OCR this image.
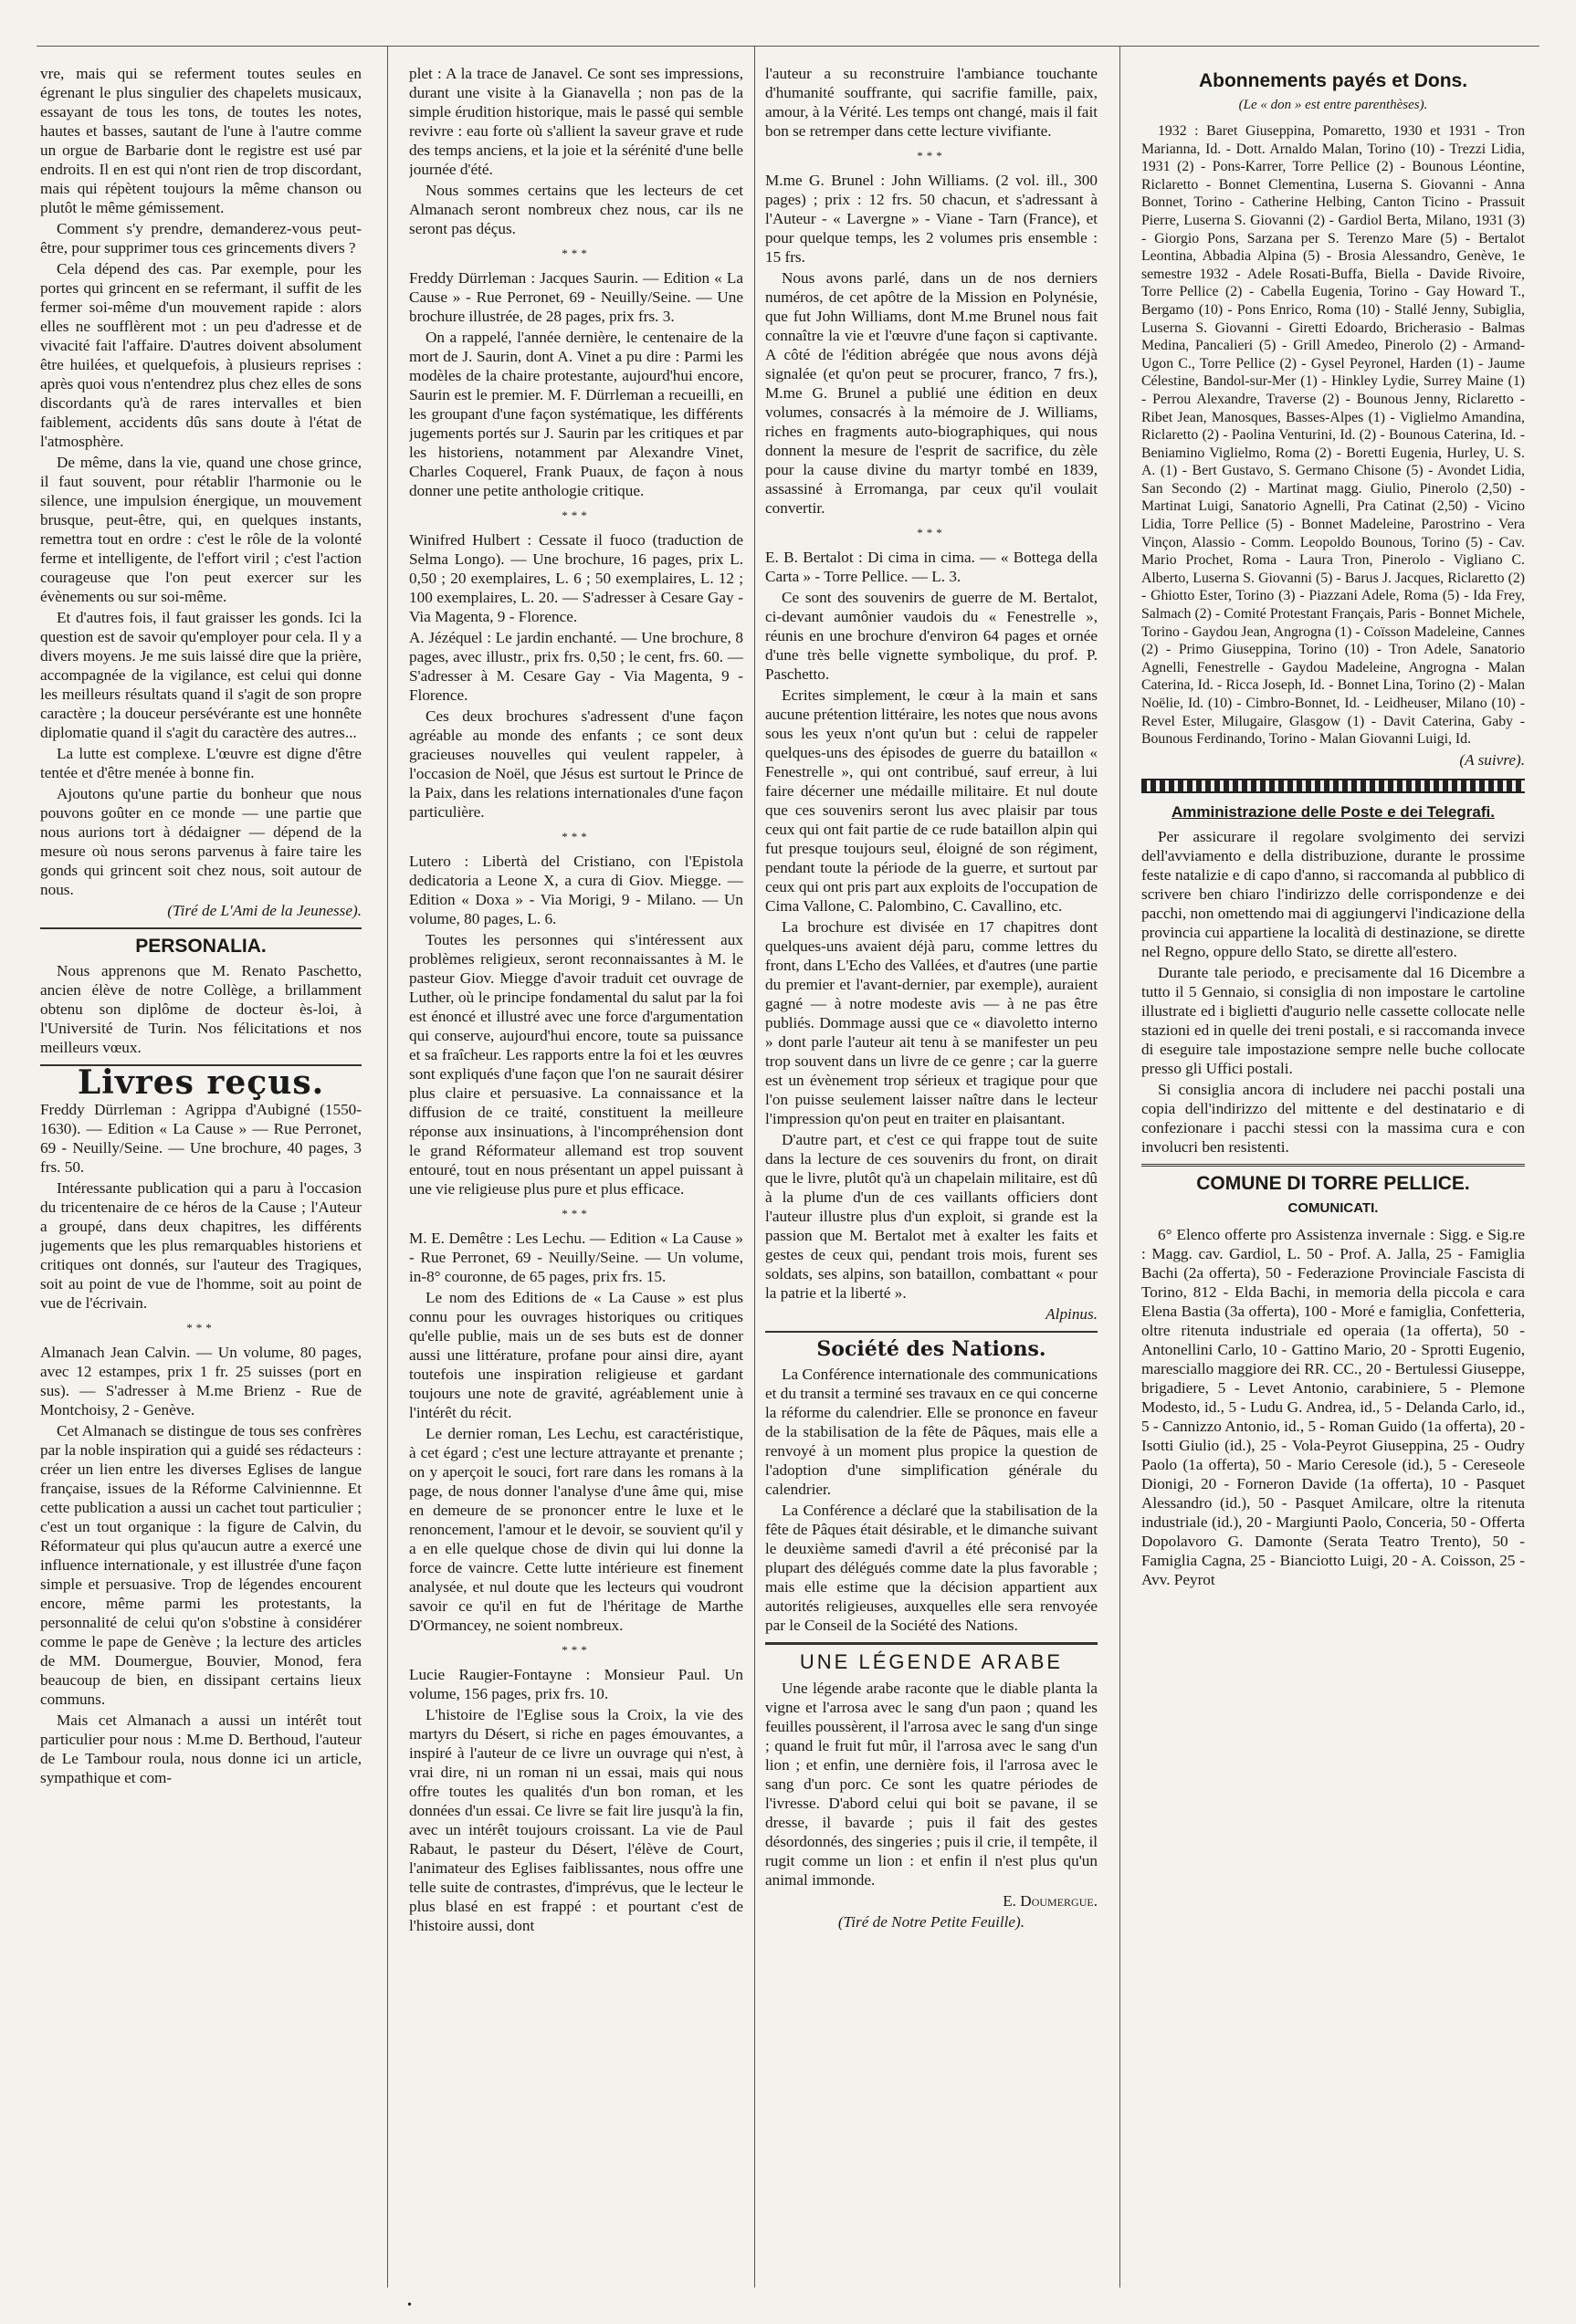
vre, mais qui se referment toutes seules en égrenant le plus singulier des chapelets musicaux, essayant de tous les tons, de toutes les notes, hautes et basses, sautant de l'une à l'autre comme un orgue de Barbarie dont le registre est usé par endroits. Il en est qui n'ont rien de trop discordant, mais qui répètent toujours la même chanson ou plutôt le même gémissement.

Comment s'y prendre, demanderez-vous peut-être, pour supprimer tous ces grincements divers ?

Cela dépend des cas. Par exemple, pour les portes qui grincent en se refermant, il suffit de les fermer soi-même d'un mouvement rapide : alors elles ne soufflèrent mot : un peu d'adresse et de vivacité fait l'affaire. D'autres doivent absolument être huilées, et quelquefois, à plusieurs reprises : après quoi vous n'entendrez plus chez elles de sons discordants qu'à de rares intervalles et bien faiblement, accidents dûs sans doute à l'état de l'atmosphère.

De même, dans la vie, quand une chose grince, il faut souvent, pour rétablir l'harmonie ou le silence, une impulsion énergique, un mouvement brusque, peut-être, qui, en quelques instants, remettra tout en ordre : c'est le rôle de la volonté ferme et intelligente, de l'effort viril ; c'est l'action courageuse que l'on peut exercer sur les évènements ou sur soi-même.

Et d'autres fois, il faut graisser les gonds. Ici la question est de savoir qu'employer pour cela. Il y a divers moyens. Je me suis laissé dire que la prière, accompagnée de la vigilance, est celui qui donne les meilleurs résultats quand il s'agit de son propre caractère ; la douceur persévérante est une honnête diplomatie quand il s'agit du caractère des autres...

La lutte est complexe. L'œuvre est digne d'être tentée et d'être menée à bonne fin.

Ajoutons qu'une partie du bonheur que nous pouvons goûter en ce monde — une partie que nous aurions tort à dédaigner — dépend de la mesure où nous serons parvenus à faire taire les gonds qui grincent soit chez nous, soit autour de nous.

(Tiré de L'Ami de la Jeunesse).

PERSONALIA.

Nous apprenons que M. Renato Paschetto, ancien élève de notre Collège, a brillamment obtenu son diplôme de docteur ès-loi, à l'Université de Turin. Nos félicitations et nos meilleurs vœux.

Livres reçus.

Freddy Dürrleman : Agrippa d'Aubigné (1550-1630). — Edition « La Cause » — Rue Perronet, 69 - Neuilly/Seine. — Une brochure, 40 pages, 3 frs. 50.

Intéressante publication qui a paru à l'occasion du tricentenaire de ce héros de la Cause ; l'Auteur a groupé, dans deux chapitres, les différents jugements que les plus remarquables historiens et critiques ont donnés, sur l'auteur des Tragiques, soit au point de vue de l'homme, soit au point de vue de l'écrivain.

***

Almanach Jean Calvin. — Un volume, 80 pages, avec 12 estampes, prix 1 fr. 25 suisses (port en sus). — S'adresser à M.me Brienz - Rue de Montchoisy, 2 - Genève.

Cet Almanach se distingue de tous ses confrères par la noble inspiration qui a guidé ses rédacteurs : créer un lien entre les diverses Eglises de langue française, issues de la Réforme Calviniennne. Et cette publication a aussi un cachet tout particulier ; c'est un tout organique : la figure de Calvin, du Réformateur qui plus qu'aucun autre a exercé une influence internationale, y est illustrée d'une façon simple et persuasive. Trop de légendes encourent encore, même parmi les protestants, la personnalité de celui qu'on s'obstine à considérer comme le pape de Genève ; la lecture des articles de MM. Doumergue, Bouvier, Monod, fera beaucoup de bien, en dissipant certains lieux communs.

Mais cet Almanach a aussi un intérêt tout particulier pour nous : M.me D. Berthoud, l'auteur de Le Tambour roula, nous donne ici un article, sympathique et com-

plet : A la trace de Janavel. Ce sont ses impressions, durant une visite à la Gianavella ; non pas de la simple érudition historique, mais le passé qui semble revivre : eau forte où s'allient la saveur grave et rude des temps anciens, et la joie et la sérénité d'une belle journée d'été.

Nous sommes certains que les lecteurs de cet Almanach seront nombreux chez nous, car ils ne seront pas déçus.

***

Freddy Dürrleman : Jacques Saurin. — Edition « La Cause » - Rue Perronet, 69 - Neuilly/Seine. — Une brochure illustrée, de 28 pages, prix frs. 3.

On a rappelé, l'année dernière, le centenaire de la mort de J. Saurin, dont A. Vinet a pu dire : Parmi les modèles de la chaire protestante, aujourd'hui encore, Saurin est le premier. M. F. Dürrleman a recueilli, en les groupant d'une façon systématique, les différents jugements portés sur J. Saurin par les critiques et par les historiens, notamment par Alexandre Vinet, Charles Coquerel, Frank Puaux, de façon à nous donner une petite anthologie critique.

***

Winifred Hulbert : Cessate il fuoco (traduction de Selma Longo). — Une brochure, 16 pages, prix L. 0,50 ; 20 exemplaires, L. 6 ; 50 exemplaires, L. 12 ; 100 exemplaires, L. 20. — S'adresser à Cesare Gay - Via Magenta, 9 - Florence.

A. Jézéquel : Le jardin enchanté. — Une brochure, 8 pages, avec illustr., prix frs. 0,50 ; le cent, frs. 60. — S'adresser à M. Cesare Gay - Via Magenta, 9 - Florence.

Ces deux brochures s'adressent d'une façon agréable au monde des enfants ; ce sont deux gracieuses nouvelles qui veulent rappeler, à l'occasion de Noël, que Jésus est surtout le Prince de la Paix, dans les relations internationales d'une façon particulière.

***

Lutero : Libertà del Cristiano, con l'Epistola dedicatoria a Leone X, a cura di Giov. Miegge. — Edition « Doxa » - Via Morigi, 9 - Milano. — Un volume, 80 pages, L. 6.

Toutes les personnes qui s'intéressent aux problèmes religieux, seront reconnaissantes à M. le pasteur Giov. Miegge d'avoir traduit cet ouvrage de Luther, où le principe fondamental du salut par la foi est énoncé et illustré avec une force d'argumentation qui conserve, aujourd'hui encore, toute sa puissance et sa fraîcheur. Les rapports entre la foi et les œuvres sont expliqués d'une façon que l'on ne saurait désirer plus claire et persuasive. La connaissance et la diffusion de ce traité, constituent la meilleure réponse aux insinuations, à l'incompréhension dont le grand Réformateur allemand est trop souvent entouré, tout en nous présentant un appel puissant à une vie religieuse plus pure et plus efficace.

***

M. E. Demêtre : Les Lechu. — Edition « La Cause » - Rue Perronet, 69 - Neuilly/Seine. — Un volume, in-8° couronne, de 65 pages, prix frs. 15.

Le nom des Editions de « La Cause » est plus connu pour les ouvrages historiques ou critiques qu'elle publie, mais un de ses buts est de donner aussi une littérature, profane pour ainsi dire, ayant toutefois une inspiration religieuse et gardant toujours une note de gravité, agréablement unie à l'intérêt du récit.

Le dernier roman, Les Lechu, est caractéristique, à cet égard ; c'est une lecture attrayante et prenante ; on y aperçoit le souci, fort rare dans les romans à la page, de nous donner l'analyse d'une âme qui, mise en demeure de se prononcer entre le luxe et le renoncement, l'amour et le devoir, se souvient qu'il y a en elle quelque chose de divin qui lui donne la force de vaincre. Cette lutte intérieure est finement analysée, et nul doute que les lecteurs qui voudront savoir ce qu'il en fut de l'héritage de Marthe D'Ormancey, ne soient nombreux.

***

Lucie Raugier-Fontayne : Monsieur Paul. Un volume, 156 pages, prix frs. 10.

L'histoire de l'Eglise sous la Croix, la vie des martyrs du Désert, si riche en pages émouvantes, a inspiré à l'auteur de ce livre un ouvrage qui n'est, à vrai dire, ni un roman ni un essai, mais qui nous offre toutes les qualités d'un bon roman, et les données d'un essai. Ce livre se fait lire jusqu'à la fin, avec un intérêt toujours croissant. La vie de Paul Rabaut, le pasteur du Désert, l'élève de Court, l'animateur des Eglises faiblissantes, nous offre une telle suite de contrastes, d'imprévus, que le lecteur le plus blasé en est frappé : et pourtant c'est de l'histoire aussi, dont

l'auteur a su reconstruire l'ambiance touchante d'humanité souffrante, qui sacrifie famille, paix, amour, à la Vérité. Les temps ont changé, mais il fait bon se retremper dans cette lecture vivifiante.

***

M.me G. Brunel : John Williams. (2 vol. ill., 300 pages) ; prix : 12 frs. 50 chacun, et s'adressant à l'Auteur - « Lavergne » - Viane - Tarn (France), et pour quelque temps, les 2 volumes pris ensemble : 15 frs.

Nous avons parlé, dans un de nos derniers numéros, de cet apôtre de la Mission en Polynésie, que fut John Williams, dont M.me Brunel nous fait connaître la vie et l'œuvre d'une façon si captivante. A côté de l'édition abrégée que nous avons déjà signalée (et qu'on peut se procurer, franco, 7 frs.), M.me G. Brunel a publié une édition en deux volumes, consacrés à la mémoire de J. Williams, riches en fragments auto-biographiques, qui nous donnent la mesure de l'esprit de sacrifice, du zèle pour la cause divine du martyr tombé en 1839, assassiné à Erromanga, par ceux qu'il voulait convertir.

***

E. B. Bertalot : Di cima in cima. — « Bottega della Carta » - Torre Pellice. — L. 3.

Ce sont des souvenirs de guerre de M. Bertalot, ci-devant aumônier vaudois du « Fenestrelle », réunis en une brochure d'environ 64 pages et ornée d'une très belle vignette symbolique, du prof. P. Paschetto.

Ecrites simplement, le cœur à la main et sans aucune prétention littéraire, les notes que nous avons sous les yeux n'ont qu'un but : celui de rappeler quelques-uns des épisodes de guerre du bataillon « Fenestrelle », qui ont contribué, sauf erreur, à lui faire décerner une médaille militaire. Et nul doute que ces souvenirs seront lus avec plaisir par tous ceux qui ont fait partie de ce rude bataillon alpin qui fut presque toujours seul, éloigné de son régiment, pendant toute la période de la guerre, et surtout par ceux qui ont pris part aux exploits de l'occupation de Cima Vallone, C. Palombino, C. Cavallino, etc.

La brochure est divisée en 17 chapitres dont quelques-uns avaient déjà paru, comme lettres du front, dans L'Echo des Vallées, et d'autres (une partie du premier et l'avant-dernier, par exemple), auraient gagné — à notre modeste avis — à ne pas être publiés. Dommage aussi que ce « diavoletto interno » dont parle l'auteur ait tenu à se manifester un peu trop souvent dans un livre de ce genre ; car la guerre est un évènement trop sérieux et tragique pour que l'on puisse seulement laisser naître dans le lecteur l'impression qu'on peut en traiter en plaisantant.

D'autre part, et c'est ce qui frappe tout de suite dans la lecture de ces souvenirs du front, on dirait que le livre, plutôt qu'à un chapelain militaire, est dû à la plume d'un de ces vaillants officiers dont l'auteur illustre plus d'un exploit, si grande est la passion que M. Bertalot met à exalter les faits et gestes de ceux qui, pendant trois mois, furent ses soldats, ses alpins, son bataillon, combattant « pour la patrie et la liberté ».

Alpinus.

Société des Nations.

La Conférence internationale des communications et du transit a terminé ses travaux en ce qui concerne la réforme du calendrier. Elle se prononce en faveur de la stabilisation de la fête de Pâques, mais elle a renvoyé à un moment plus propice la question de l'adoption d'une simplification générale du calendrier.

La Conférence a déclaré que la stabilisation de la fête de Pâques était désirable, et le dimanche suivant le deuxième samedi d'avril a été préconisé par la plupart des délégués comme date la plus favorable ; mais elle estime que la décision appartient aux autorités religieuses, auxquelles elle sera renvoyée par le Conseil de la Société des Nations.

UNE LÉGENDE ARABE

Une légende arabe raconte que le diable planta la vigne et l'arrosa avec le sang d'un paon ; quand les feuilles poussèrent, il l'arrosa avec le sang d'un singe ; quand le fruit fut mûr, il l'arrosa avec le sang d'un lion ; et enfin, une dernière fois, il l'arrosa avec le sang d'un porc. Ce sont les quatre périodes de l'ivresse. D'abord celui qui boit se pavane, il se dresse, il bavarde ; puis il fait des gestes désordonnés, des singeries ; puis il crie, il tempête, il rugit comme un lion : et enfin il n'est plus qu'un animal immonde.

E. Doumergue.

(Tiré de Notre Petite Feuille).

Abonnements payés et Dons.
(Le « don » est entre parenthèses).

1932 : Baret Giuseppina, Pomaretto, 1930 et 1931 - Tron Marianna, Id. - Dott. Arnaldo Malan, Torino (10) - Trezzi Lidia, 1931 (2) - Pons-Karrer, Torre Pellice (2) - Bounous Léontine, Riclaretto - Bonnet Clementina, Luserna S. Giovanni - Anna Bonnet, Torino - Catherine Helbing, Canton Ticino - Prassuit Pierre, Luserna S. Giovanni (2) - Gardiol Berta, Milano, 1931 (3) - Giorgio Pons, Sarzana per S. Terenzo Mare (5) - Bertalot Leontina, Abbadia Alpina (5) - Brosia Alessandro, Genève, 1e semestre 1932 - Adele Rosati-Buffa, Biella - Davide Rivoire, Torre Pellice (2) - Cabella Eugenia, Torino - Gay Howard T., Bergamo (10) - Pons Enrico, Roma (10) - Stallé Jenny, Subiglia, Luserna S. Giovanni - Giretti Edoardo, Bricherasio - Balmas Medina, Pancalieri (5) - Grill Amedeo, Pinerolo (2) - Armand-Ugon C., Torre Pellice (2) - Gysel Peyronel, Harden (1) - Jaume Célestine, Bandol-sur-Mer (1) - Hinkley Lydie, Surrey Maine (1) - Perrou Alexandre, Traverse (2) - Bounous Jenny, Riclaretto - Ribet Jean, Manosques, Basses-Alpes (1) - Viglielmo Amandina, Riclaretto (2) - Paolina Venturini, Id. (2) - Bounous Caterina, Id. - Beniamino Viglielmo, Roma (2) - Boretti Eugenia, Hurley, U. S. A. (1) - Bert Gustavo, S. Germano Chisone (5) - Avondet Lidia, San Secondo (2) - Martinat magg. Giulio, Pinerolo (2,50) - Martinat Luigi, Sanatorio Agnelli, Pra Catinat (2,50) - Vicino Lidia, Torre Pellice (5) - Bonnet Madeleine, Parostrino - Vera Vinçon, Alassio - Comm. Leopoldo Bounous, Torino (5) - Cav. Mario Prochet, Roma - Laura Tron, Pinerolo - Vigliano C. Alberto, Luserna S. Giovanni (5) - Barus J. Jacques, Riclaretto (2) - Ghiotto Ester, Torino (3) - Piazzani Adele, Roma (5) - Ida Frey, Salmach (2) - Comité Protestant Français, Paris - Bonnet Michele, Torino - Gaydou Jean, Angrogna (1) - Coïsson Madeleine, Cannes (2) - Primo Giuseppina, Torino (10) - Tron Adele, Sanatorio Agnelli, Fenestrelle - Gaydou Madeleine, Angrogna - Malan Caterina, Id. - Ricca Joseph, Id. - Bonnet Lina, Torino (2) - Malan Noëlie, Id. (10) - Cimbro-Bonnet, Id. - Leidheuser, Milano (10) - Revel Ester, Milugaire, Glasgow (1) - Davit Caterina, Gaby - Bounous Ferdinando, Torino - Malan Giovanni Luigi, Id.

(A suivre).

Amministrazione delle Poste e dei Telegrafi.

Per assicurare il regolare svolgimento dei servizi dell'avviamento e della distribuzione, durante le prossime feste natalizie e di capo d'anno, si raccomanda al pubblico di scrivere ben chiaro l'indirizzo delle corrispondenze e dei pacchi, non omettendo mai di aggiungervi l'indicazione della provincia cui appartiene la località di destinazione, se dirette nel Regno, oppure dello Stato, se dirette all'estero.

Durante tale periodo, e precisamente dal 16 Dicembre a tutto il 5 Gennaio, si consiglia di non impostare le cartoline illustrate ed i biglietti d'augurio nelle cassette collocate nelle stazioni ed in quelle dei treni postali, e si raccomanda invece di eseguire tale impostazione sempre nelle buche collocate presso gli Uffici postali.

Si consiglia ancora di includere nei pacchi postali una copia dell'indirizzo del mittente e del destinatario e di confezionare i pacchi stessi con la massima cura e con involucri ben resistenti.

COMUNE DI TORRE PELLICE.
COMUNICATI.

6° Elenco offerte pro Assistenza invernale : Sigg. e Sig.re : Magg. cav. Gardiol, L. 50 - Prof. A. Jalla, 25 - Famiglia Bachi (2a offerta), 50 - Federazione Provinciale Fascista di Torino, 812 - Elda Bachi, in memoria della piccola e cara Elena Bastia (3a offerta), 100 - Moré e famiglia, Confetteria, oltre ritenuta industriale ed operaia (1a offerta), 50 - Antonellini Carlo, 10 - Gattino Mario, 20 - Sprotti Eugenio, maresciallo maggiore dei RR. CC., 20 - Bertulessi Giuseppe, brigadiere, 5 - Levet Antonio, carabiniere, 5 - Plemone Modesto, id., 5 - Ludu G. Andrea, id., 5 - Delanda Carlo, id., 5 - Cannizzo Antonio, id., 5 - Roman Guido (1a offerta), 20 - Isotti Giulio (id.), 25 - Vola-Peyrot Giuseppina, 25 - Oudry Paolo (1a offerta), 50 - Mario Ceresole (id.), 5 - Cereseole Dionigi, 20 - Forneron Davide (1a offerta), 10 - Pasquet Alessandro (id.), 50 - Pasquet Amilcare, oltre la ritenuta industriale (id.), 20 - Margiunti Paolo, Conceria, 50 - Offerta Dopolavoro G. Damonte (Serata Teatro Trento), 50 - Famiglia Cagna, 25 - Bianciotto Luigi, 20 - A. Coisson, 25 - Avv. Peyrot

•
